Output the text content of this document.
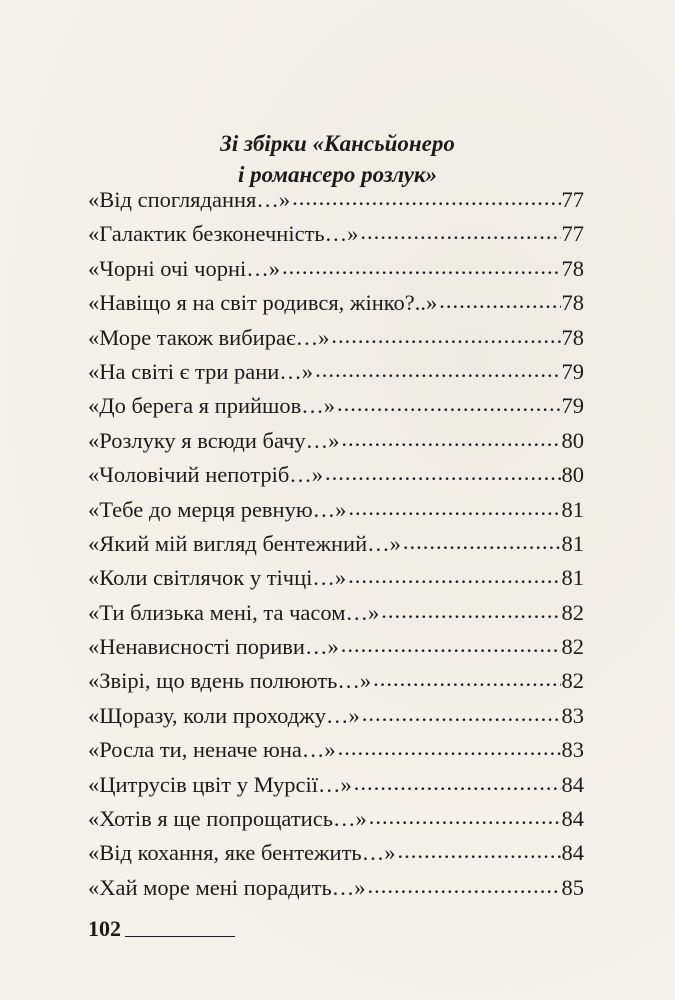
Зі збірки «Кансьйонеро
і романсеро розлук»
«Від споглядання…» .....	77
«Галактик безконечність…» .....	77
«Чорні очі чорні…» .....	78
«Навіщо я на світ родився, жінко?..» .....	78
«Море також вибирає…» .....	78
«На світі є три рани…» .....	79
«До берега я прийшов…» .....	79
«Розлуку я всюди бачу…» .....	80
«Чоловічий непотріб…» .....	80
«Тебе до мерця ревную…» .....	81
«Який мій вигляд бентежний…» .....	81
«Коли світлячок у тічці…» .....	81
«Ти близька мені, та часом…» .....	82
«Ненависності пориви…» .....	82
«Звірі, що вдень полюють…» .....	82
«Щоразу, коли проходжу…» .....	83
«Росла ти, неначе юна…» .....	83
«Цитрусів цвіт у Мурсії…» .....	84
«Хотів я ще попрощатись…» .....	84
«Від кохання, яке бентежить…» .....	84
«Хай море мені порадить…» .....	85
102
